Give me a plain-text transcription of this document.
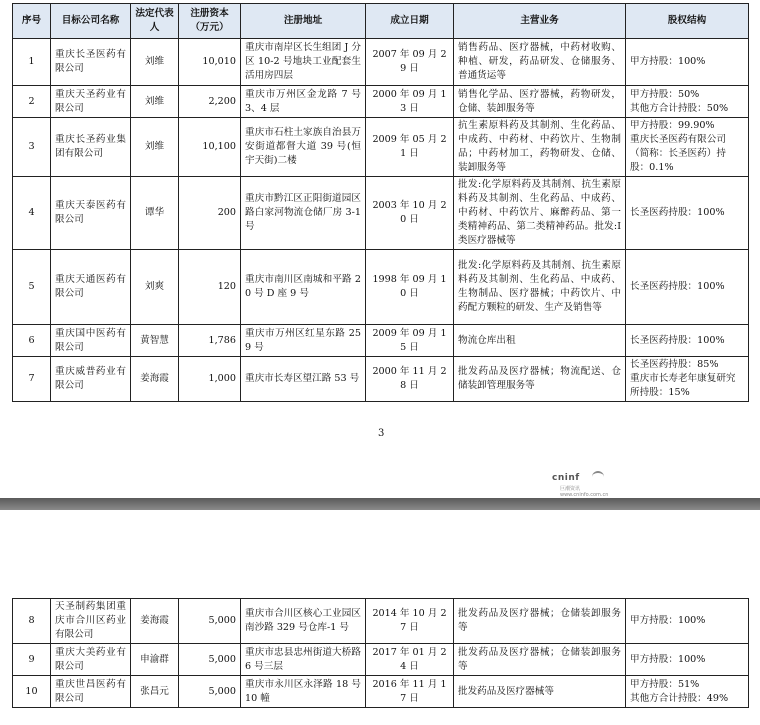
序号	目标公司名称	法定代表人	注册资本（万元）	注册地址	成立日期	主营业务	股权结构
1	重庆长圣医药有限公司	刘维	10,010	重庆市南岸区长生组团 J 分区 10-2 号地块工业配套生活用房四层	2007 年 09 月 29 日	销售药品、医疗器械，中药材收购、种植、研发，药品研发、仓储服务、普通货运等	甲方持股：100%
2	重庆天圣药业有限公司	刘维	2,200	重庆市万州区金龙路 7 号 3、4 层	2000 年 09 月 13 日	销售化学品、医疗器械，药物研发，仓储、装卸服务等	甲方持股：50%
其他方合计持股：50%
3	重庆长圣药业集团有限公司	刘维	10,100	重庆市石柱土家族自治县万安街道都督大道 39 号(恒宇天街)二楼	2009 年 05 月 21 日	抗生素原料药及其制剂、生化药品、中成药、中药材、中药饮片、生物制品；中药材加工，药物研发、仓储、装卸服务等	甲方持股：99.90%
重庆长圣医药有限公司（简称：长圣医药）持股：0.1%
4	重庆天泰医药有限公司	谭华	200	重庆市黔江区正阳街道园区路白家河物流仓储厂房 3-1 号	2003 年 10 月 20 日	批发:化学原料药及其制剂、抗生素原料药及其制剂、生化药品、中成药、中药材、中药饮片、麻醉药品、第一类精神药品、第二类精神药品。批发:Ⅰ类医疗器械等	长圣医药持股：100%
5	重庆天通医药有限公司	刘爽	120	重庆市南川区南城和平路 20 号 D 座 9 号	1998 年 09 月 10 日	批发:化学原料药及其制剂、抗生素原料药及其制剂、生化药品、中成药、生物制品、医疗器械；中药饮片、中药配方颗粒的研发、生产及销售等	长圣医药持股：100%
6	重庆国中医药有限公司	黄智慧	1,786	重庆市万州区红星东路 259 号	2009 年 09 月 15 日	物流仓库出租	长圣医药持股：100%
7	重庆威普药业有限公司	姜海霞	1,000	重庆市长寿区望江路 53 号	2000 年 11 月 28 日	批发药品及医疗器械；物流配送、仓储装卸管理服务等	长圣医药持股：85%
重庆市长寿老年康复研究所持股：15%
3
cninf
巨潮资讯 www.cninfo.com.cn
8	天圣制药集团重庆市合川区药业有限公司	姜海霞	5,000	重庆市合川区核心工业园区南沙路 329 号仓库-1 号	2014 年 10 月 27 日	批发药品及医疗器械；仓储装卸服务等	甲方持股：100%
9	重庆大美药业有限公司	申渝群	5,000	重庆市忠县忠州街道大桥路 6 号三层	2017 年 01 月 24 日	批发药品及医疗器械；仓储装卸服务等	甲方持股：100%
10	重庆世昌医药有限公司	张昌元	5,000	重庆市永川区永泽路 18 号 10 幢	2016 年 11 月 17 日	批发药品及医疗器械等	甲方持股：51%
其他方合计持股：49%
